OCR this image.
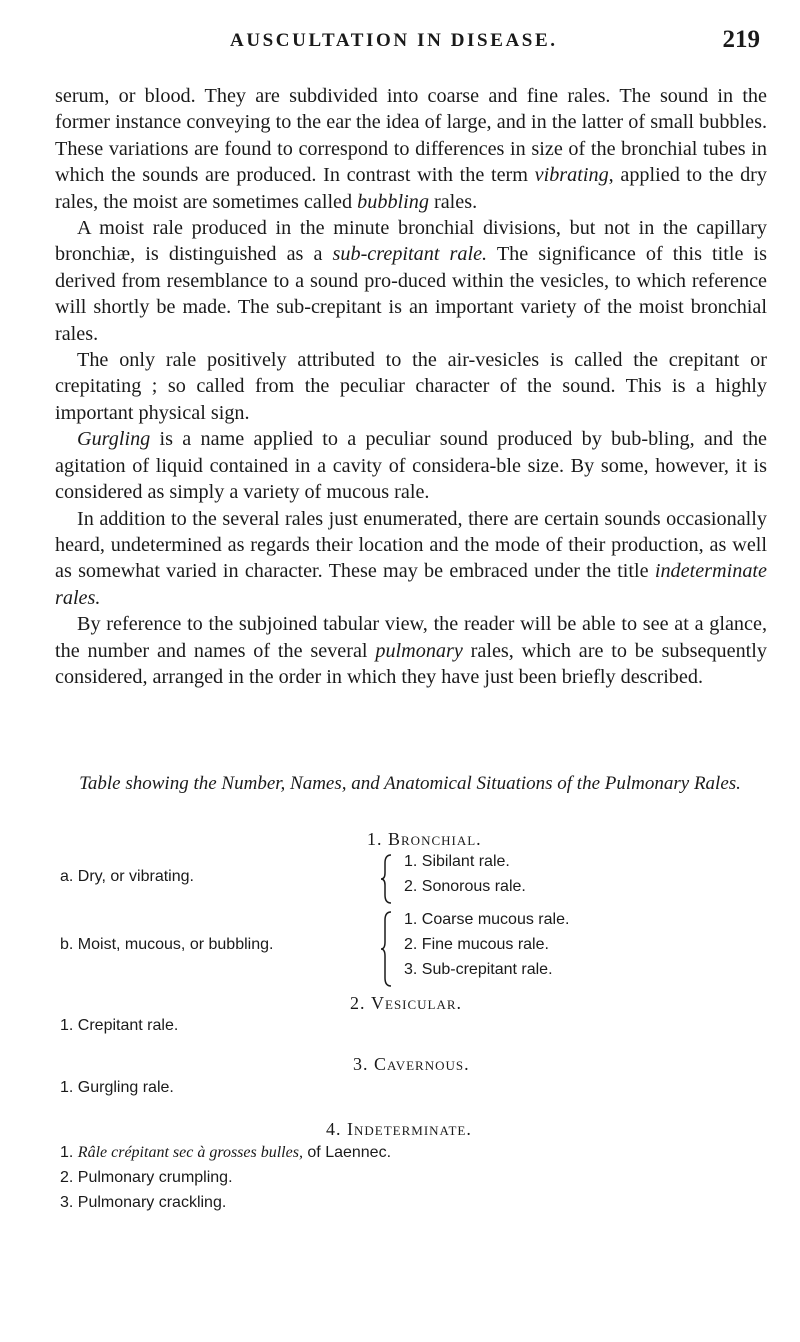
AUSCULTATION IN DISEASE.	219

serum, or blood. They are subdivided into coarse and fine rales. The sound in the former instance conveying to the ear the idea of large, and in the latter of small bubbles. These variations are found to correspond to differences in size of the bronchial tubes in which the sounds are produced. In contrast with the term vibrating, applied to the dry rales, the moist are sometimes called bubbling rales.

A moist rale produced in the minute bronchial divisions, but not in the capillary bronchiæ, is distinguished as a sub-crepitant rale. The significance of this title is derived from resemblance to a sound pro-duced within the vesicles, to which reference will shortly be made. The sub-crepitant is an important variety of the moist bronchial rales.

The only rale positively attributed to the air-vesicles is called the crepitant or crepitating ; so called from the peculiar character of the sound. This is a highly important physical sign.

Gurgling is a name applied to a peculiar sound produced by bub-bling, and the agitation of liquid contained in a cavity of considera-ble size. By some, however, it is considered as simply a variety of mucous rale.

In addition to the several rales just enumerated, there are certain sounds occasionally heard, undetermined as regards their location and the mode of their production, as well as somewhat varied in character. These may be embraced under the title indeterminate rales.

By reference to the subjoined tabular view, the reader will be able to see at a glance, the number and names of the several pulmonary rales, which are to be subsequently considered, arranged in the order in which they have just been briefly described.

Table showing the Number, Names, and Anatomical Situations of the Pulmonary Rales.
1. Bronchial.
a. Dry, or vibrating.
1. Sibilant rale.
2. Sonorous rale.
b. Moist, mucous, or bubbling.
1. Coarse mucous rale.
2. Fine mucous rale.
3. Sub-crepitant rale.
2. Vesicular.
1. Crepitant rale.
3. Cavernous.
1. Gurgling rale.
4. Indeterminate.
1. Râle crépitant sec à grosses bulles, of Laennec.
2. Pulmonary crumpling.
3. Pulmonary crackling.
